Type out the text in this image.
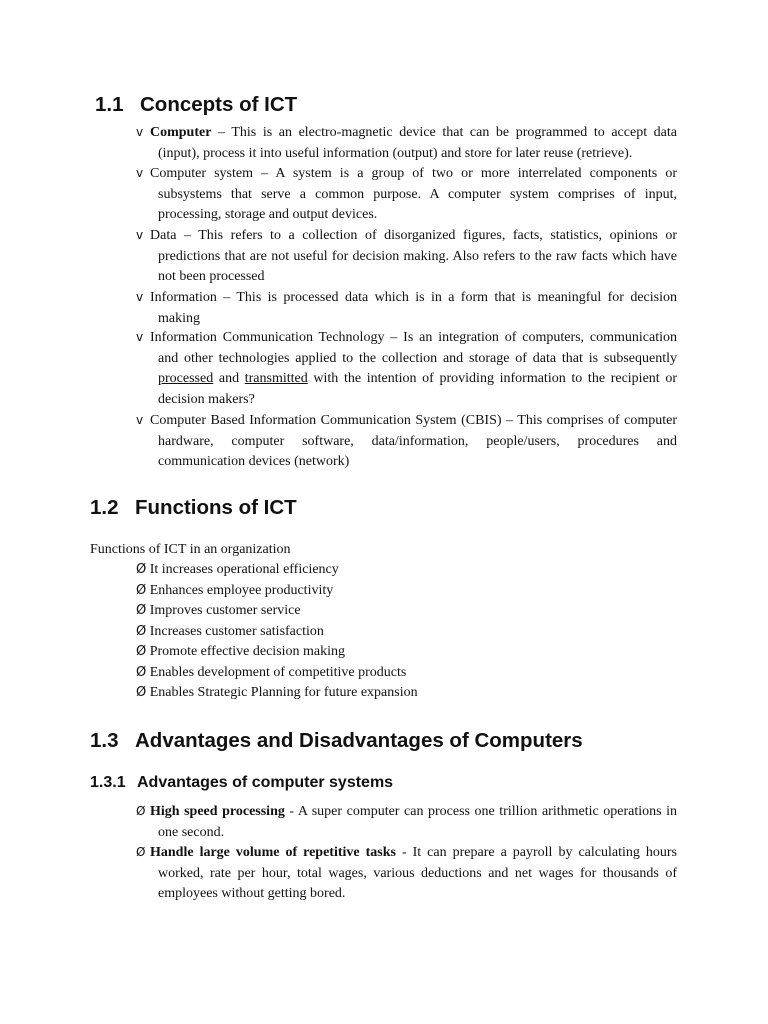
1.1 Concepts of ICT
v Computer – This is an electro-magnetic device that can be programmed to accept data (input), process it into useful information (output) and store for later reuse (retrieve).
v Computer system – A system is a group of two or more interrelated components or subsystems that serve a common purpose. A computer system comprises of input, processing, storage and output devices.
v Data – This refers to a collection of disorganized figures, facts, statistics, opinions or predictions that are not useful for decision making. Also refers to the raw facts which have not been processed
v Information – This is processed data which is in a form that is meaningful for decision making
v Information Communication Technology – Is an integration of computers, communication and other technologies applied to the collection and storage of data that is subsequently processed and transmitted with the intention of providing information to the recipient or decision makers?
v Computer Based Information Communication System (CBIS) – This comprises of computer hardware, computer software, data/information, people/users, procedures and communication devices (network)
1.2 Functions of ICT
Functions of ICT in an organization
Ø It increases operational efficiency
Ø Enhances employee productivity
Ø Improves customer service
Ø Increases customer satisfaction
Ø Promote effective decision making
Ø Enables development of competitive products
Ø Enables Strategic Planning for future expansion
1.3 Advantages and Disadvantages of Computers
1.3.1 Advantages of computer systems
Ø High speed processing - A super computer can process one trillion arithmetic operations in one second.
Ø Handle large volume of repetitive tasks - It can prepare a payroll by calculating hours worked, rate per hour, total wages, various deductions and net wages for thousands of employees without getting bored.
